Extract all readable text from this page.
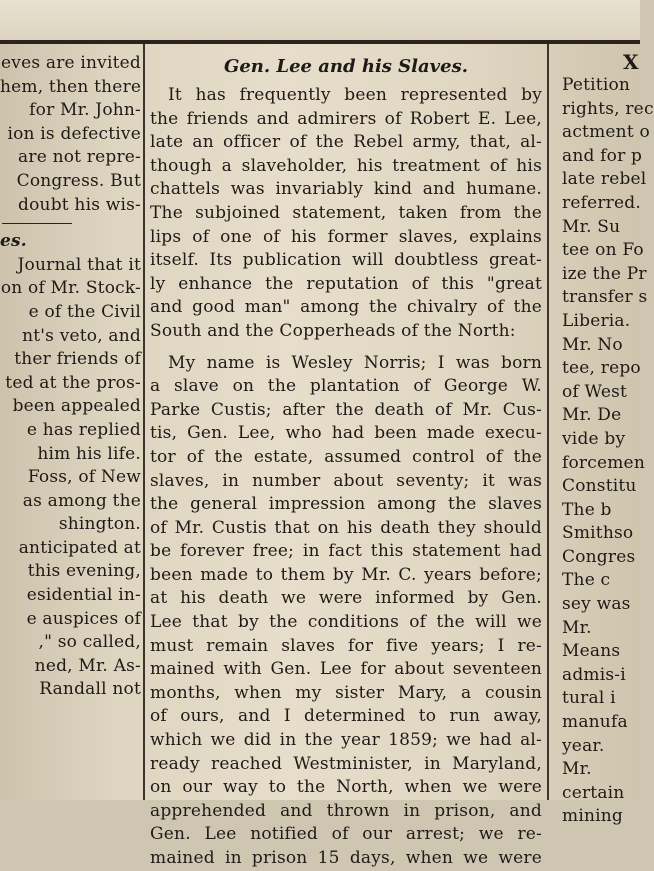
eves are invited
hem, then there
for Mr. John-
ion is defective
are not repre-
Congress. But
doubt his wis-
es.
Journal that it
on of Mr. Stock-
e of the Civil
nt's veto, and
ther friends of
ted at the pros-
been appealed
e has replied
him his life.
Foss, of New
as among the
shington.
anticipated at
this evening,
esidential in-
e auspices of
," so called,
ned, Mr. As-
Randall not
Gen. Lee and his Slaves.
It has frequently been represented by
the friends and admirers of Robert E. Lee,
late an officer of the Rebel army, that, al-
though a slaveholder, his treatment of his
chattels was invariably kind and humane.
The subjoined statement, taken from the
lips of one of his former slaves, explains
itself. Its publication will doubtless great-
ly enhance the reputation of this "great
and good man" among the chivalry of the
South and the Copperheads of the North:
My name is Wesley Norris; I was born
a slave on the plantation of George W.
Parke Custis; after the death of Mr. Cus-
tis, Gen. Lee, who had been made execu-
tor of the estate, assumed control of the
slaves, in number about seventy; it was
the general impression among the slaves
of Mr. Custis that on his death they should
be forever free; in fact this statement had
been made to them by Mr. C. years before;
at his death we were informed by Gen.
Lee that by the conditions of the will we
must remain slaves for five years; I re-
mained with Gen. Lee for about seventeen
months, when my sister Mary, a cousin
of ours, and I determined to run away,
which we did in the year 1859; we had al-
ready reached Westminister, in Maryland,
on our way to the North, when we were
apprehended and thrown in prison, and
Gen. Lee notified of our arrest; we re-
mained in prison 15 days, when we were
X
Petition
rights, rec
actment o
and for p
late rebel
referred.
Mr. Su
tee on Fo
ize the Pr
transfer s
Liberia.
Mr. No
tee, repo
of West
Mr. De
vide by
forcemen
Constitu
The b
Smithso
Congres
The c
sey was
Mr.
Means
admis-i
tural i
manufa
year.
Mr.
certain
mining
